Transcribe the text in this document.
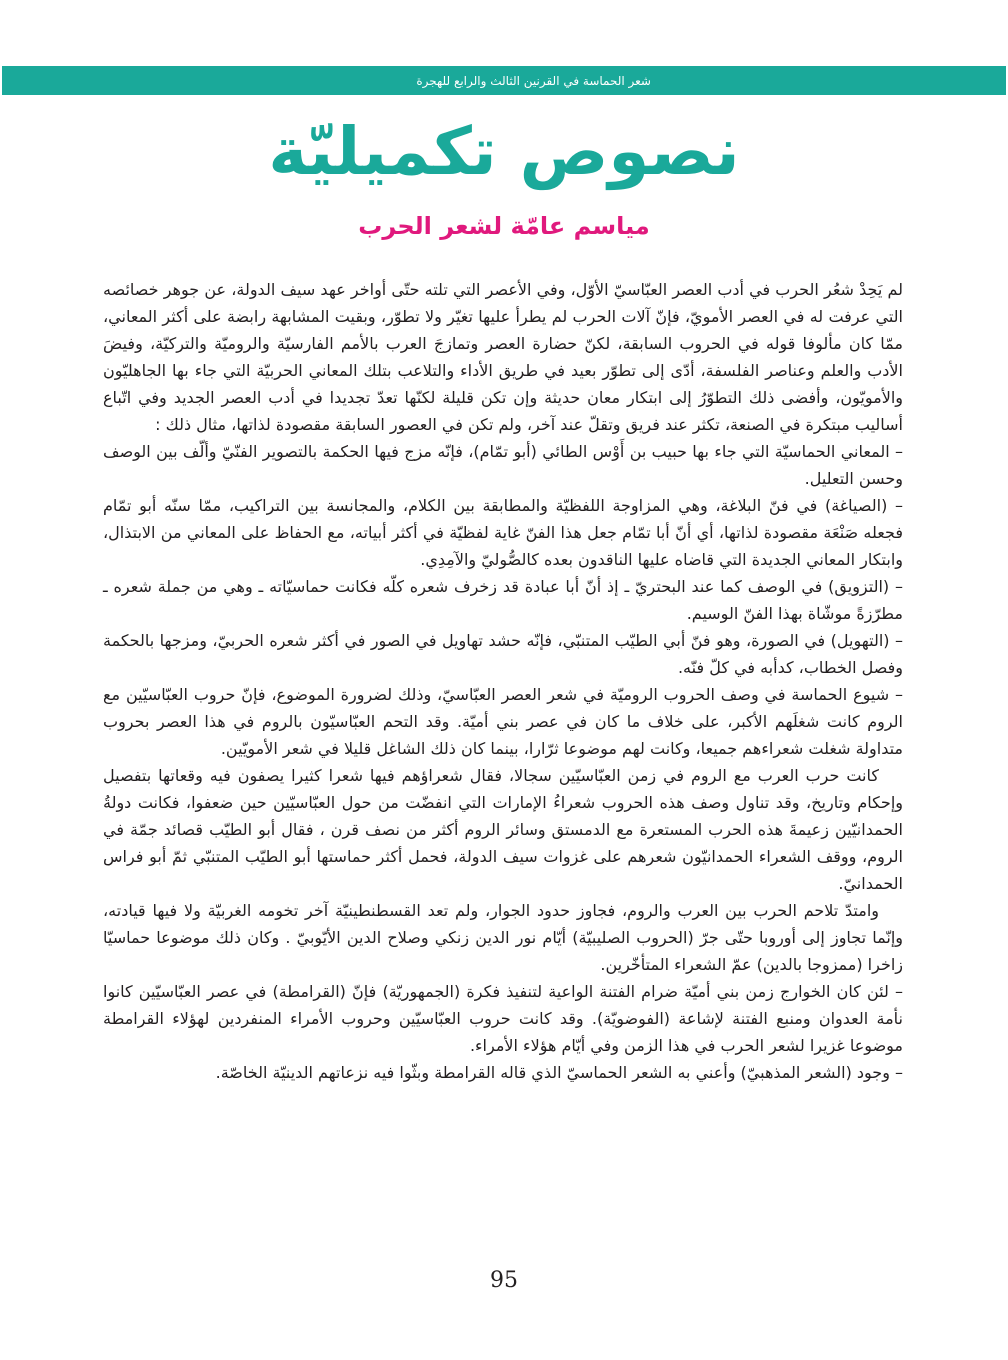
شعر الحماسة في القرنين الثالث والرابع للهجرة
نصوص تكميليّة
مياسم عامّة لشعر الحرب

لم يَحِدْ شعُر الحرب في أدب العصر العبّاسيّ الأوّل، وفي الأعصر التي تلته حتّى أواخر عهد سيف الدولة، عن جوهر خصائصه التي عرفت له في العصر الأمويّ، فإنّ آلات الحرب لم يطرأ عليها تغيّر ولا تطوّر، وبقيت المشابهة رابضة على أكثر المعاني، ممّا كان مألوفا قوله في الحروب السابقة، لكنّ حضارة العصر وتمازجَ العرب بالأمم الفارسيّة والروميّة والتركيّة، وفيضَ الأدب والعلم وعناصر الفلسفة، أدّى إلى تطوّر بعيد في طريق الأداء والتلاعب بتلك المعاني الحربيّة التي جاء بها الجاهليّون والأمويّون، وأفضى ذلك التطوّرُ إلى ابتكار معان حديثة وإن تكن قليلة لكنّها تعدّ تجديدا في أدب العصر الجديد وفي اتّباع أساليب مبتكرة في الصنعة، تكثر عند فريق وتقلّ عند آخر، ولم تكن في العصور السابقة مقصودة لذاتها، مثال ذلك :

– المعاني الحماسيّة التي جاء بها حبيب بن أَوْس الطائي (أبو تمّام)، فإنّه مزج فيها الحكمة بالتصوير الفنّيّ وألّف بين الوصف وحسن التعليل.

– (الصياغة) في فنّ البلاغة، وهي المزاوجة اللفظيّة والمطابقة بين الكلام، والمجانسة بين التراكيب، ممّا سنّه أبو تمّام فجعله صَنْعَة مقصودة لذاتها، أي أنّ أبا تمّام جعل هذا الفنّ غاية لفظيّة في أكثر أبياته، مع الحفاظ على المعاني من الابتذال، وابتكار المعاني الجديدة التي قاضاه عليها الناقدون بعده كالصُّوليّ والآمِدِي.

– (التزويق) في الوصف كما عند البحتريّ ـ إذ أنّ أبا عبادة قد زخرف شعره كلّه فكانت حماسيّاته ـ وهي من جملة شعره ـ مطرّزةً موشّاة بهذا الفنّ الوسيم.

– (التهويل) في الصورة، وهو فنّ أبي الطيّب المتنبّي، فإنّه حشد تهاويل في الصور في أكثر شعره الحربيّ، ومزجها بالحكمة وفصل الخطاب، كدأبه في كلّ فنّه.

– شيوع الحماسة في وصف الحروب الروميّة في شعر العصر العبّاسيّ، وذلك لضرورة الموضوع، فإنّ حروب العبّاسيّين مع الروم كانت شغلَهم الأكبر، على خلاف ما كان في عصر بني أميّة. وقد التحم العبّاسيّون بالروم في هذا العصر بحروب متداولة شغلت شعراءهم جميعا، وكانت لهم موضوعا ثرّارا، بينما كان ذلك الشاغل قليلا في شعر الأمويّين.

كانت حرب العرب مع الروم في زمن العبّاسيّين سجالا، فقال شعراؤهم فيها شعرا كثيرا يصفون فيه وقعاتها بتفصيل وإحكام وتاريخ، وقد تناول وصف هذه الحروب شعراءُ الإمارات التي انفضّت من حول العبّاسيّين حين ضعفوا، فكانت دولةُ الحمدانيّين زعيمةَ هذه الحرب المستعرة مع الدمستق وسائر الروم أكثر من نصف قرن ، فقال أبو الطيّب قصائد جمّة في الروم، ووقف الشعراء الحمدانيّون شعرهم على غزوات سيف الدولة، فحمل أكثر حماستها أبو الطيّب المتنبّي ثمّ أبو فراس الحمدانيّ.

وامتدّ تلاحم الحرب بين العرب والروم، فجاوز حدود الجوار، ولم تعد القسطنطينيّة آخر تخومه الغربيّة ولا فيها قيادته، وإنّما تجاوز إلى أوروبا حتّى جرّ (الحروب الصليبيّة) أيّام نور الدين زنكي وصلاح الدين الأيّوبيّ . وكان ذلك موضوعا حماسيّا زاخرا (ممزوجا بالدين) عمّ الشعراء المتأخّرين.

– لئن كان الخوارج زمن بني أميّة ضرام الفتنة الواعية لتنفيذ فكرة (الجمهوريّة) فإنّ (القرامطة) في عصر العبّاسيّين كانوا نأمة العدوان ومنبع الفتنة لإشاعة (الفوضويّة). وقد كانت حروب العبّاسيّين وحروب الأمراء المنفردين لهؤلاء القرامطة موضوعا غزيرا لشعر الحرب في هذا الزمن وفي أيّام هؤلاء الأمراء.

– وجود (الشعر المذهبيّ) وأعني به الشعر الحماسيّ الذي قاله القرامطة وبثّوا فيه نزعاتهم الدينيّة الخاصّة.

95
